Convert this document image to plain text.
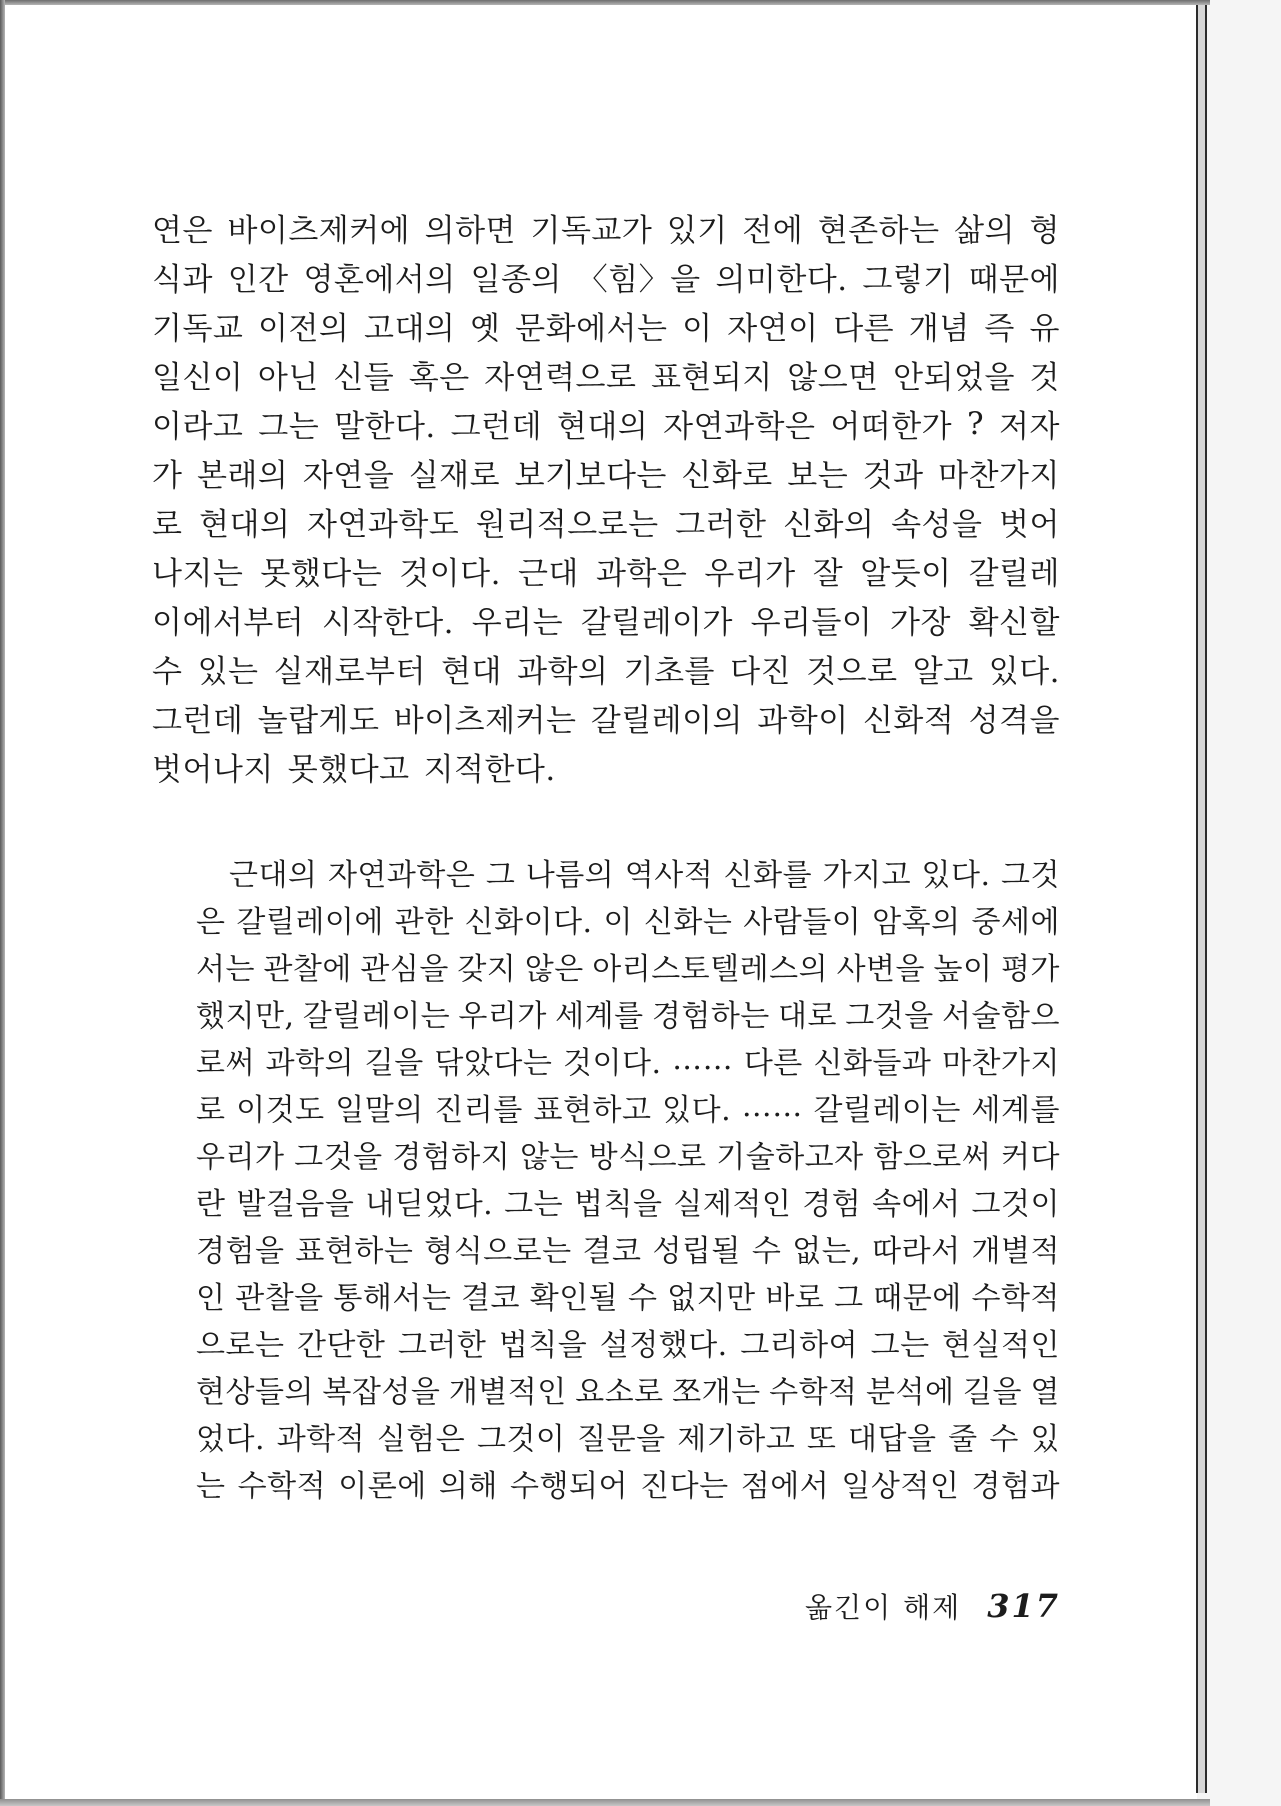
연은 바이츠제커에 의하면 기독교가 있기 전에 현존하는 삶의 형
식과 인간 영혼에서의 일종의 〈힘〉을 의미한다. 그렇기 때문에
기독교 이전의 고대의 옛 문화에서는 이 자연이 다른 개념 즉 유
일신이 아닌 신들 혹은 자연력으로 표현되지 않으면 안되었을 것
이라고 그는 말한다. 그런데 현대의 자연과학은 어떠한가 ? 저자
가 본래의 자연을 실재로 보기보다는 신화로 보는 것과 마찬가지
로 현대의 자연과학도 원리적으로는 그러한 신화의 속성을 벗어
나지는 못했다는 것이다. 근대 과학은 우리가 잘 알듯이 갈릴레
이에서부터 시작한다. 우리는 갈릴레이가 우리들이 가장 확신할
수 있는 실재로부터 현대 과학의 기초를 다진 것으로 알고 있다.
그런데 놀랍게도 바이츠제커는 갈릴레이의 과학이 신화적 성격을
벗어나지 못했다고 지적한다.
근대의 자연과학은 그 나름의 역사적 신화를 가지고 있다. 그것
은 갈릴레이에 관한 신화이다. 이 신화는 사람들이 암혹의 중세에
서는 관찰에 관심을 갖지 않은 아리스토텔레스의 사변을 높이 평가
했지만, 갈릴레이는 우리가 세계를 경험하는 대로 그것을 서술함으
로써 과학의 길을 닦았다는 것이다. …… 다른 신화들과 마찬가지
로 이것도 일말의 진리를 표현하고 있다. …… 갈릴레이는 세계를
우리가 그것을 경험하지 않는 방식으로 기술하고자 함으로써 커다
란 발걸음을 내딛었다. 그는 법칙을 실제적인 경험 속에서 그것이
경험을 표현하는 형식으로는 결코 성립될 수 없는, 따라서 개별적
인 관찰을 통해서는 결코 확인될 수 없지만 바로 그 때문에 수학적
으로는 간단한 그러한 법칙을 설정했다. 그리하여 그는 현실적인
현상들의 복잡성을 개별적인 요소로 쪼개는 수학적 분석에 길을 열
었다. 과학적 실험은 그것이 질문을 제기하고 또 대답을 줄 수 있
는 수학적 이론에 의해 수행되어 진다는 점에서 일상적인 경험과
옮긴이 해제 317
